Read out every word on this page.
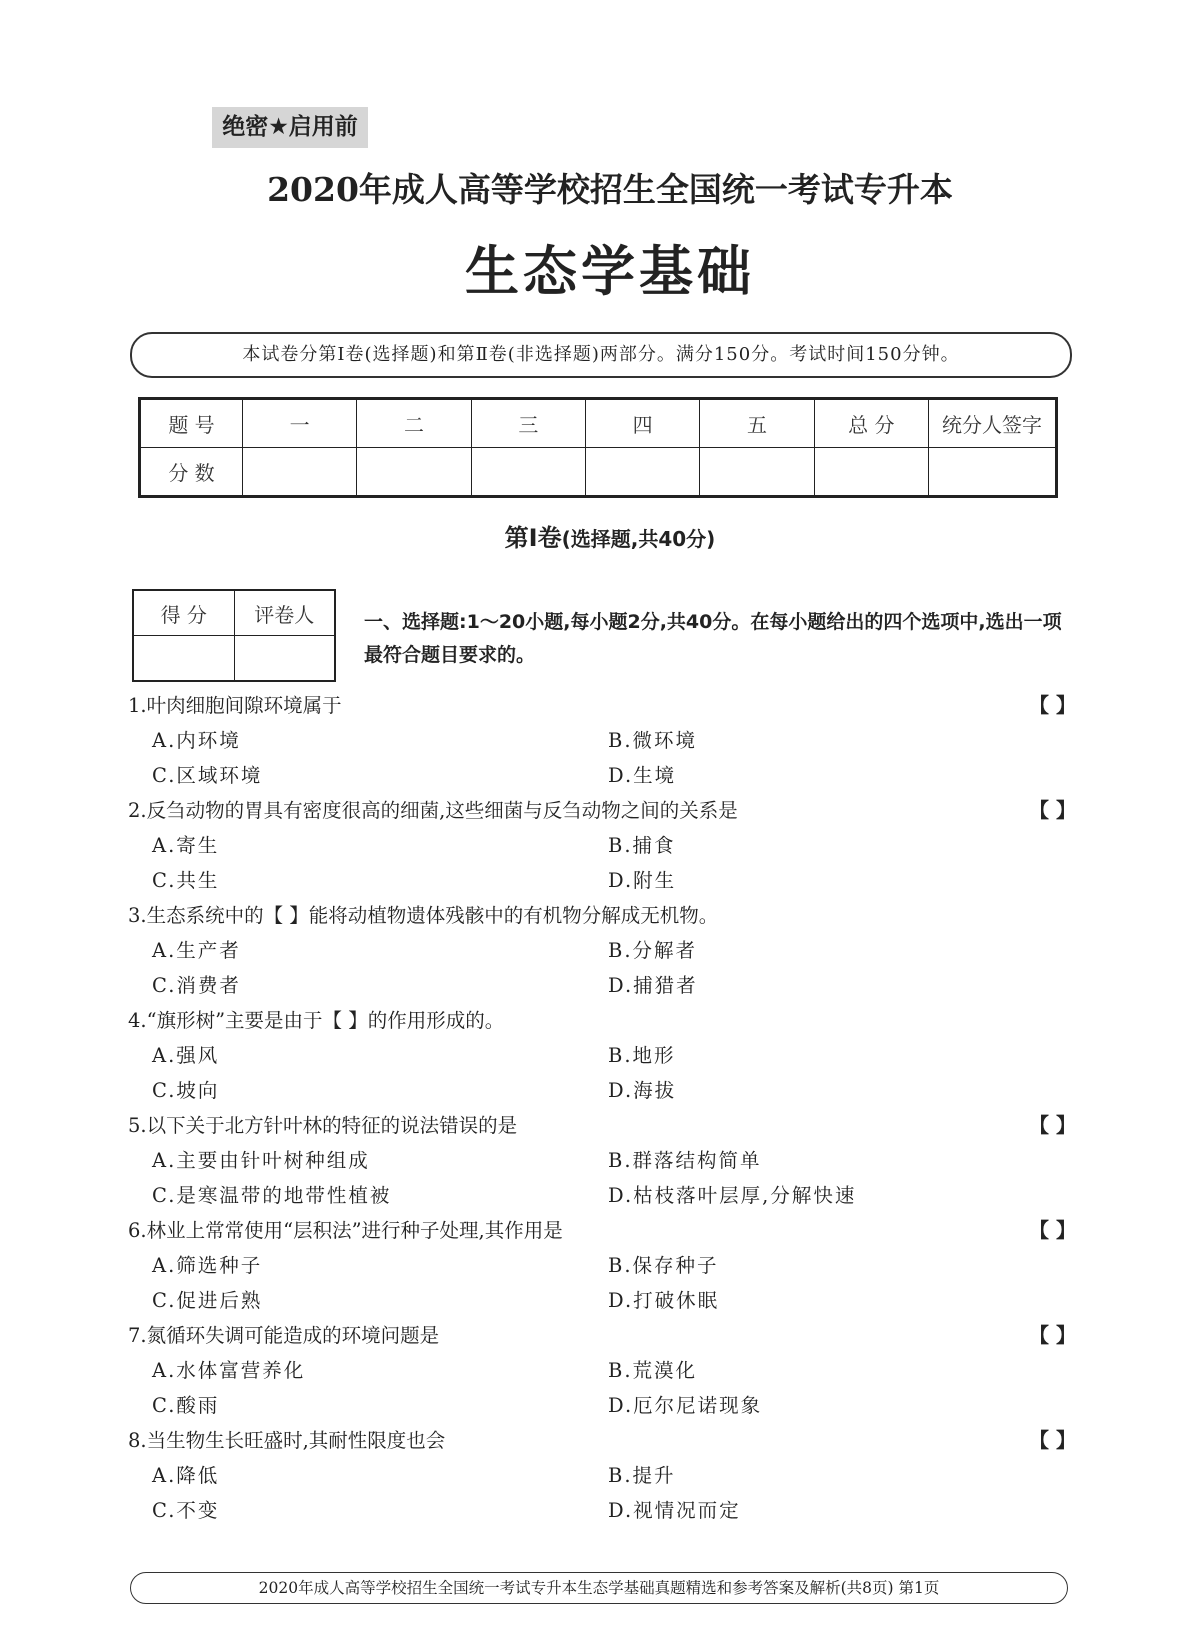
绝密★启用前
2020年成人高等学校招生全国统一考试专升本
生态学基础
本试卷分第Ⅰ卷(选择题)和第Ⅱ卷(非选择题)两部分。满分150分。考试时间150分钟。
题 号	一	二	三	四	五	总 分	统分人签字
分 数							
第Ⅰ卷(选择题,共40分)
得 分	评卷人
		一、选择题:1～20小题,每小题2分,共40分。在每小题给出的四个选项中,选出一项最符合题目要求的。
1.叶肉细胞间隙环境属于	【 】
A.内环境	B.微环境
C.区域环境	D.生境
2.反刍动物的胃具有密度很高的细菌,这些细菌与反刍动物之间的关系是	【 】
A.寄生	B.捕食
C.共生	D.附生
3.生态系统中的【 】能将动植物遗体残骸中的有机物分解成无机物。
A.生产者	B.分解者
C.消费者	D.捕猎者
4.“旗形树”主要是由于【 】的作用形成的。
A.强风	B.地形
C.坡向	D.海拔
5.以下关于北方针叶林的特征的说法错误的是	【 】
A.主要由针叶树种组成	B.群落结构简单
C.是寒温带的地带性植被	D.枯枝落叶层厚,分解快速
6.林业上常常使用“层积法”进行种子处理,其作用是	【 】
A.筛选种子	B.保存种子
C.促进后熟	D.打破休眠
7.氮循环失调可能造成的环境问题是	【 】
A.水体富营养化	B.荒漠化
C.酸雨	D.厄尔尼诺现象
8.当生物生长旺盛时,其耐性限度也会	【 】
A.降低	B.提升
C.不变	D.视情况而定
2020年成人高等学校招生全国统一考试专升本生态学基础真题精选和参考答案及解析(共8页) 第1页
